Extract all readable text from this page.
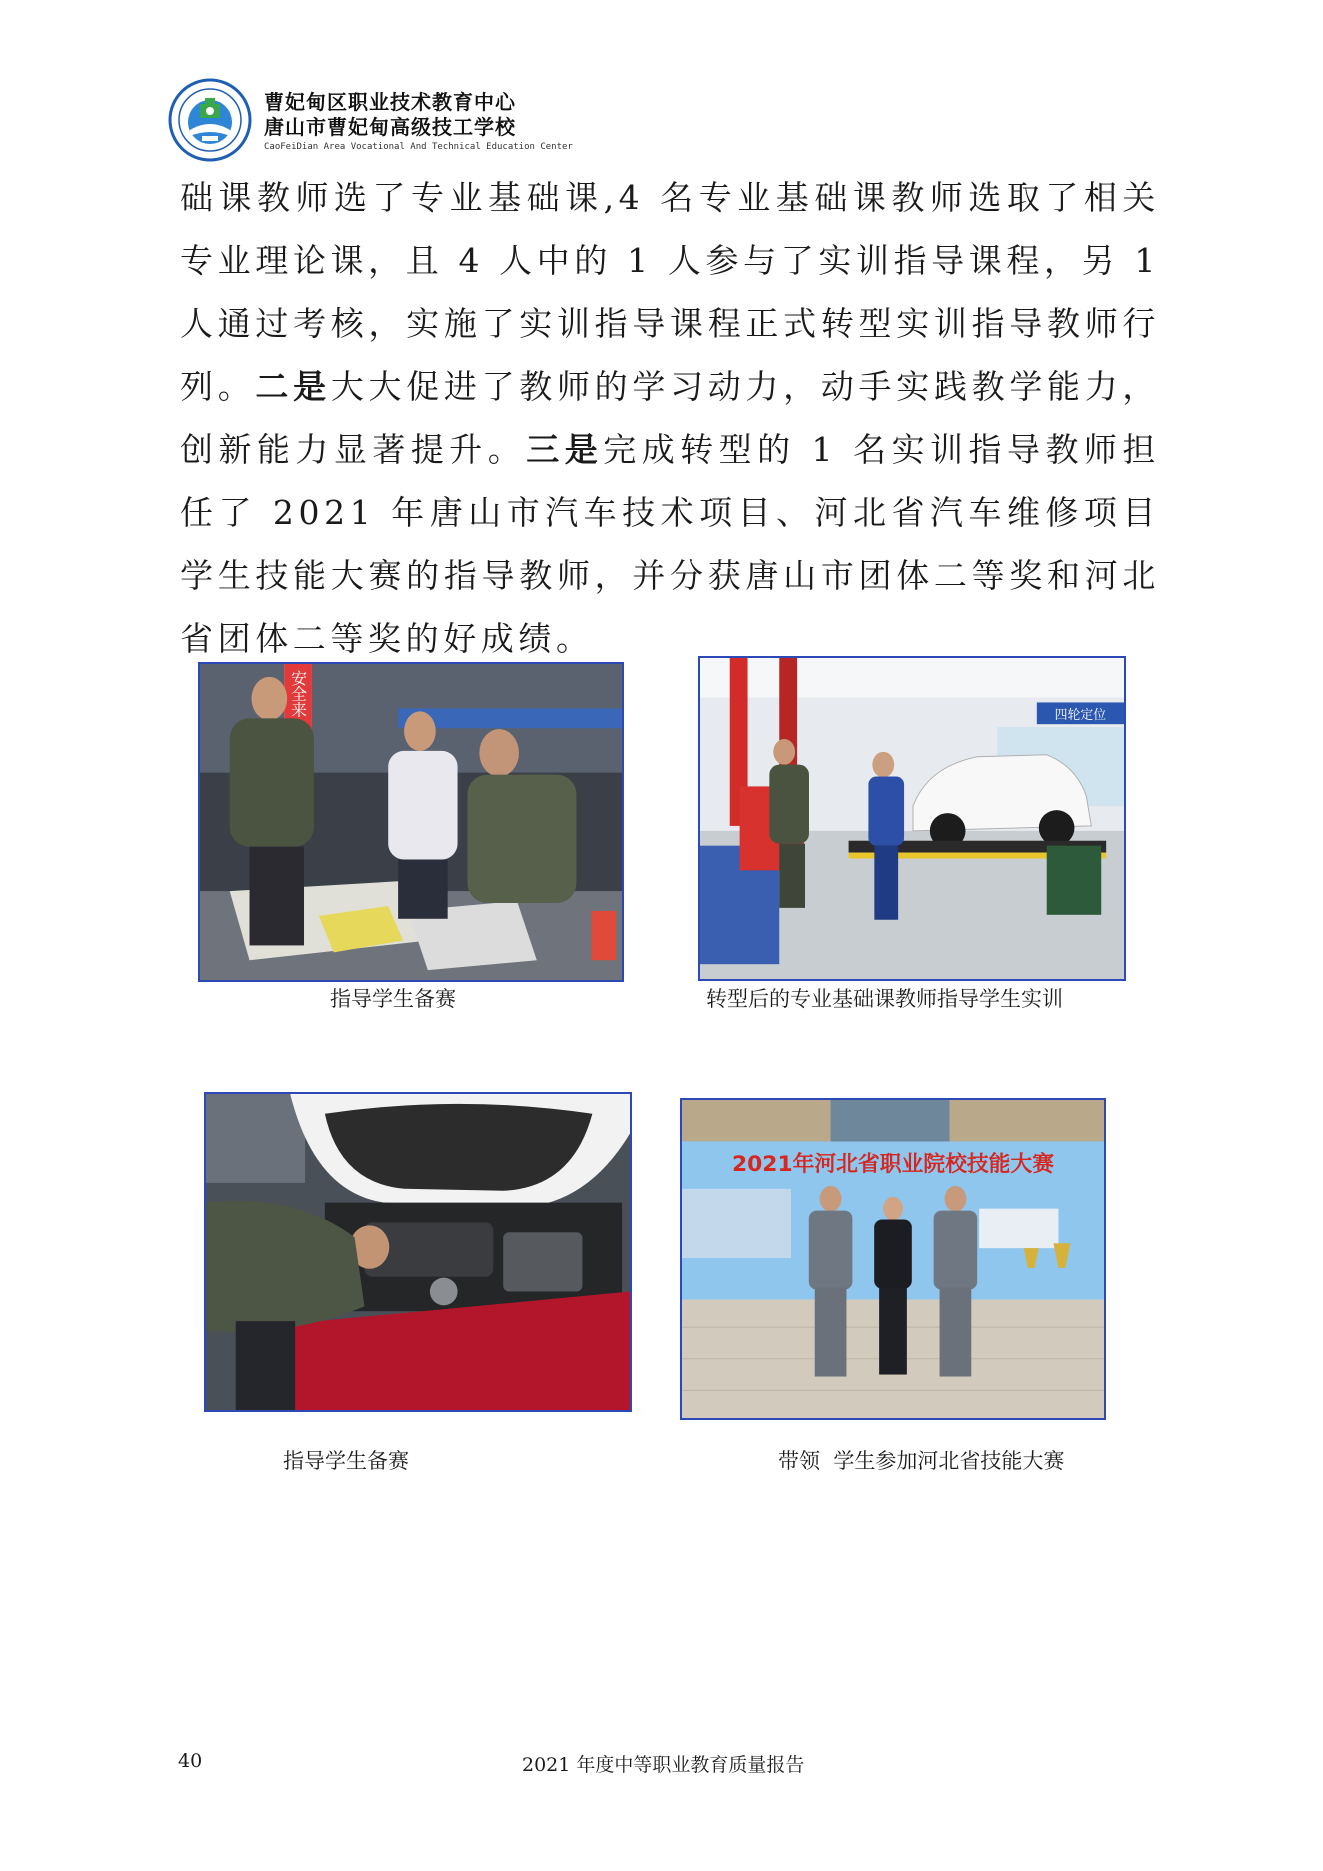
曹妃甸区职业技术教育中心
唐山市曹妃甸高级技工学校
CaoFeiDian Area Vocational And Technical Education Center

础课教师选了专业基础课,4 名专业基础课教师选取了相关专业理论课，且 4 人中的 1 人参与了实训指导课程，另 1 人通过考核，实施了实训指导课程正式转型实训指导教师行列。二是大大促进了教师的学习动力，动手实践教学能力，创新能力显著提升。三是完成转型的 1 名实训指导教师担任了 2021 年唐山市汽车技术项目、河北省汽车维修项目学生技能大赛的指导教师，并分获唐山市团体二等奖和河北省团体二等奖的好成绩。

安全来
指导学生备赛
四轮定位
转型后的专业基础课教师指导学生实训
指导学生备赛
2021年河北省职业院校技能大赛
带领  学生参加河北省技能大赛
40	2021 年度中等职业教育质量报告
